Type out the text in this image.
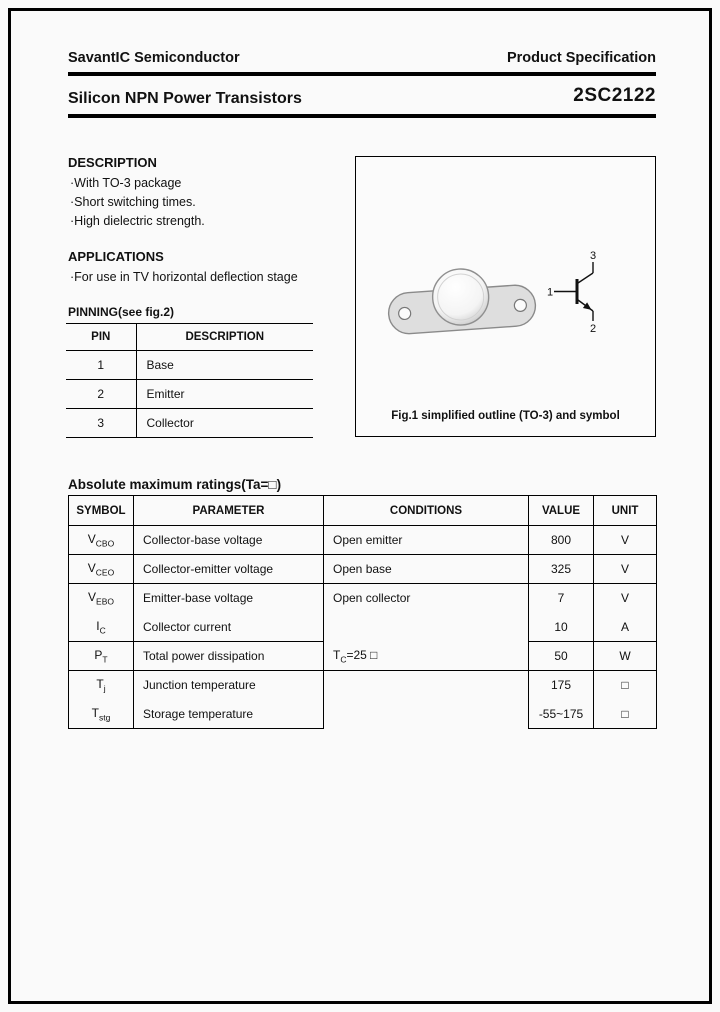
SavantIC Semiconductor	Product Specification
Silicon NPN Power Transistors	2SC2122
DESCRIPTION
·With TO-3 package
·Short switching times.
·High dielectric strength.
APPLICATIONS
·For use in TV horizontal deflection stage
PINNING(see fig.2)
PIN	DESCRIPTION
1	Base
2	Emitter
3	Collector
3
1
2
Fig.1 simplified outline (TO-3) and symbol
Absolute maximum ratings(Ta=□)
SYMBOL	PARAMETER	CONDITIONS	VALUE	UNIT
$V_{CBO}$	Collector-base voltage	Open emitter	800	V
$V_{CEO}$	Collector-emitter voltage	Open base	325	V
$V_{EBO}$	Emitter-base voltage	Open collector	7	V
$I_C$	Collector current		10	A
$P_T$	Total power dissipation	$T_C=25$ □	50	W
$T_j$	Junction temperature		175	□
$T_{stg}$	Storage temperature		-55~175	□
